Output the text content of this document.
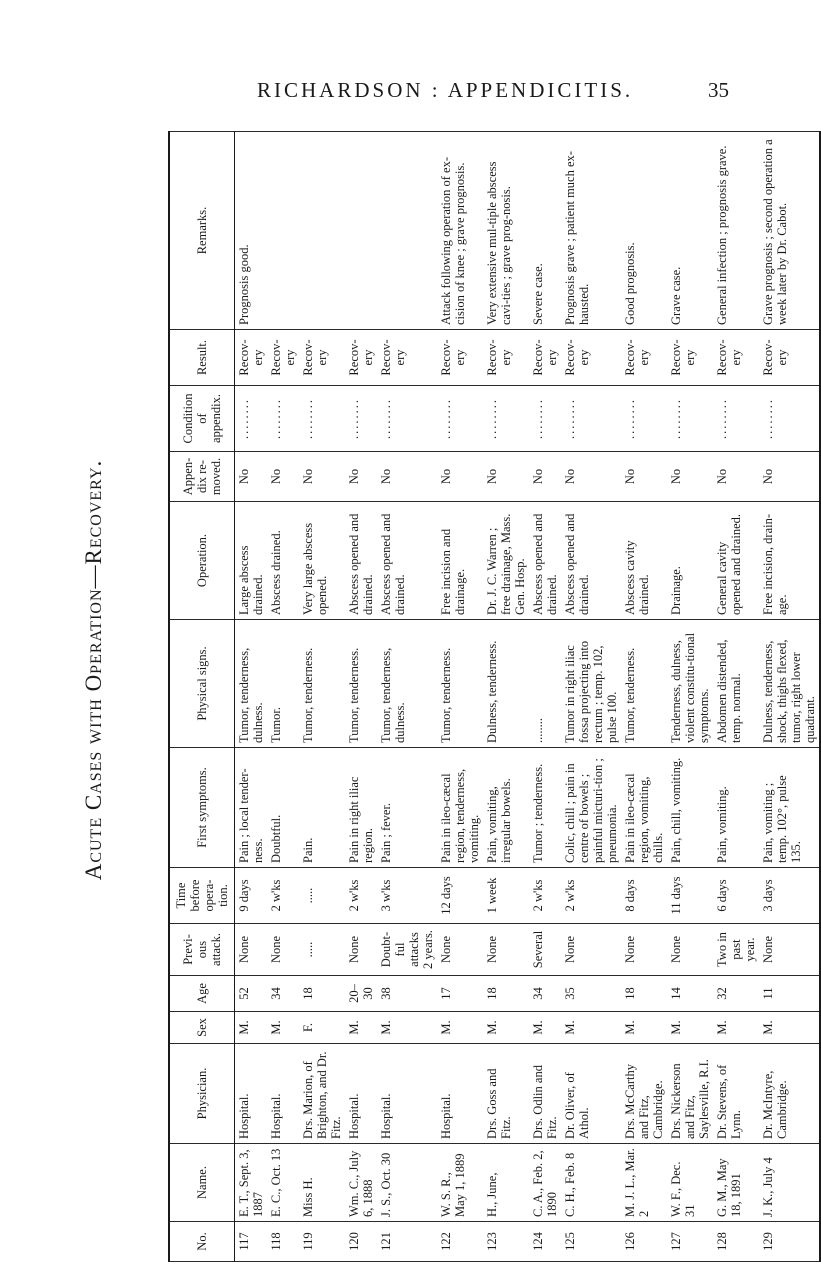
RICHARDSON : APPENDICITIS.	35
Acute Cases with Operation—Recovery.
No.	Name.	Physician.	Sex	Age	Previ-ous attack.	Time before opera-tion.	First symptoms.	Physical signs.	Operation.	Appen-dix re-moved.	Condition of appendix.	Result.	Remarks.
117	E. T., Sept. 3, 1887	Hospital.	M.	52	None	9 days	Pain ; local tender-ness.	Tumor, tenderness, dulness.	Large abscess drained.	No	........	Recov-ery	Prognosis good.
118	E. C., Oct. 13	Hospital.	M.	34	None	2 w'ks	Doubtful.	Tumor.	Abscess drained.	No	........	Recov-ery	
119	Miss H.	Drs. Marion, of Brighton, and Dr. Fitz.	F.	18	.....	.....	Pain.	Tumor, tenderness.	Very large abscess opened.	No	........	Recov-ery	
120	Wm. C., July 6, 1888	Hospital.	M.	20–30	None	2 w'ks	Pain in right iliac region.	Tumor, tenderness.	Abscess opened and drained.	No	........	Recov-ery	
121	J. S., Oct. 30	Hospital.	M.	38	Doubt-ful attacks 2 years.	3 w'ks	Pain ; fever.	Tumor, tenderness, dulness.	Abscess opened and drained.	No	........	Recov-ery	
122	W. S. R., May 1, 1889	Hospital.	M.	17	None	12 days	Pain in ileo-cæcal region, tenderness, vomiting.	Tumor, tenderness.	Free incision and drainage.	No	........	Recov-ery	Attack following operation of ex-cision of knee ; grave prognosis.
123	H., June,	Drs. Goss and Fitz.	M.	18	None	1 week	Pain, vomiting, irregular bowels.	Dulness, tenderness.	Dr. J. C. Warren ; free drainage, Mass. Gen. Hosp.	No	........	Recov-ery	Very extensive mul-tiple abscess cavi-ties ; grave prog-nosis.
124	C. A., Feb. 2, 1890	Drs. Odlin and Fitz.	M.	34	Several	2 w'ks	Tumor ; tenderness.	........	Abscess opened and drained.	No	........	Recov-ery	Severe case.
125	C. H., Feb. 8	Dr. Oliver, of Athol.	M.	35	None	2 w'ks	Colic, chill ; pain in centre of bowels ; painful micturi-tion ; pneumonia.	Tumor in right iliac fossa projecting into rectum ; temp. 102, pulse 100.	Abscess opened and drained.	No	........	Recov-ery	Prognosis grave ; patient much ex-hausted.
126	M. J. L., Mar. 2	Drs. McCarthy and Fitz, Cambridge.	M.	18	None	8 days	Pain in ileo-cæcal region, vomiting, chills.	Tumor, tenderness.	Abscess cavity drained.	No	........	Recov-ery	Good prognosis.
127	W. F., Dec. 31	Drs. Nickerson and Fitz, Saylesville, R.I.	M.	14	None	11 days	Pain, chill, vomiting.	Tenderness, dulness, violent constitu-tional symptoms.	Drainage.	No	........	Recov-ery	Grave case.
128	G. M., May 18, 1891	Dr. Stevens, of Lynn.	M.	32	Two in past year.	6 days	Pain, vomiting.	Abdomen distended, temp. normal.	General cavity opened and drained.	No	........	Recov-ery	General infection ; prognosis grave.
129	J. K., July 4	Dr. McIntyre, Cambridge.	M.	11	None	3 days	Pain, vomiting ; temp. 102°, pulse 135.	Dulness, tenderness, shock, thighs flexed, tumor, right lower quadrant.	Free incision, drain-age.	No	........	Recov-ery	Grave prognosis ; second operation a week later by Dr. Cabot.
